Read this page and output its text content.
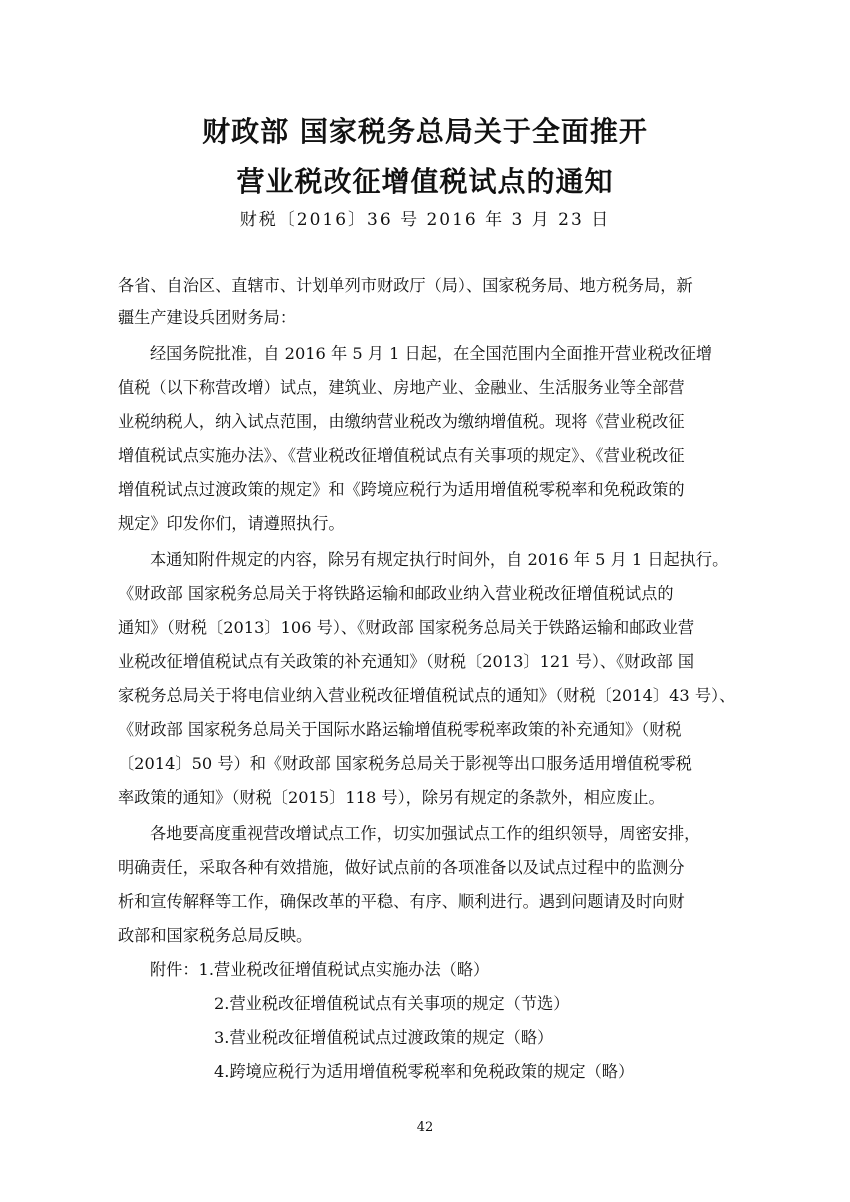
财政部 国家税务总局关于全面推开
营业税改征增值税试点的通知
财税〔2016〕36 号 2016 年 3 月 23 日
各省、自治区、直辖市、计划单列市财政厅（局）、国家税务局、地方税务局，新
疆生产建设兵团财务局：
经国务院批准，自 2016 年 5 月 1 日起，在全国范围内全面推开营业税改征增
值税（以下称营改增）试点，建筑业、房地产业、金融业、生活服务业等全部营
业税纳税人，纳入试点范围，由缴纳营业税改为缴纳增值税。现将《营业税改征
增值税试点实施办法》、《营业税改征增值税试点有关事项的规定》、《营业税改征
增值税试点过渡政策的规定》和《跨境应税行为适用增值税零税率和免税政策的
规定》印发你们，请遵照执行。
本通知附件规定的内容，除另有规定执行时间外，自 2016 年 5 月 1 日起执行。
《财政部 国家税务总局关于将铁路运输和邮政业纳入营业税改征增值税试点的
通知》（财税〔2013〕106 号）、《财政部 国家税务总局关于铁路运输和邮政业营
业税改征增值税试点有关政策的补充通知》（财税〔2013〕121 号）、《财政部 国
家税务总局关于将电信业纳入营业税改征增值税试点的通知》（财税〔2014〕43 号）、
《财政部 国家税务总局关于国际水路运输增值税零税率政策的补充通知》（财税
〔2014〕50 号）和《财政部 国家税务总局关于影视等出口服务适用增值税零税
率政策的通知》（财税〔2015〕118 号），除另有规定的条款外，相应废止。
各地要高度重视营改增试点工作，切实加强试点工作的组织领导，周密安排，
明确责任，采取各种有效措施，做好试点前的各项准备以及试点过程中的监测分
析和宣传解释等工作，确保改革的平稳、有序、顺利进行。遇到问题请及时向财
政部和国家税务总局反映。
附件：1.营业税改征增值税试点实施办法（略）
2.营业税改征增值税试点有关事项的规定（节选）
3.营业税改征增值税试点过渡政策的规定（略）
4.跨境应税行为适用增值税零税率和免税政策的规定（略）
42
